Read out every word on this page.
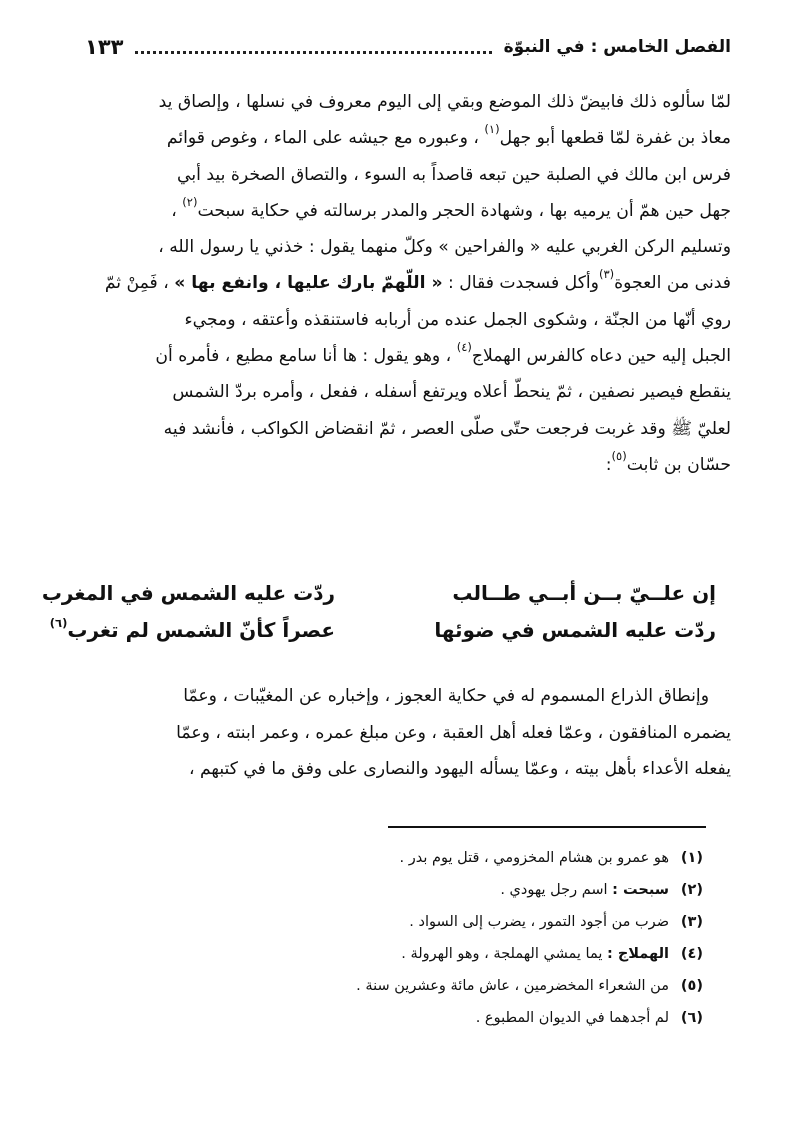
الفصل الخامس : في النبوّة
١٣٣

لمّا سألوه ذلك فابيضّ ذلك الموضع وبقي إلى اليوم معروف في نسلها ، وإلصاق يد

معاذ بن غفرة لمّا قطعها أبو جهل$^{(١)}$ ، وعبوره مع جيشه على الماء ، وغوص قوائم

فرس ابن مالك في الصلبة حين تبعه قاصداً به السوء ، والتصاق الصخرة بيد أبي

جهل حين همّ أن يرميه بها ، وشهادة الحجر والمدر برسالته في حكاية سبحت$^{(٢)}$ ،

وتسليم الركن الغربي عليه « والفراحين » وكلّ منهما يقول : خذني يا رسول الله ،

فدنى من العجوة$^{(٣)}$وأكل فسجدت فقال : « اللّهمّ بارك عليها ، وانفع بها » ، فَمِنْ ثمّ

روي أنّها من الجنّة ، وشكوى الجمل عنده من أربابه فاستنقذه وأعتقه ، ومجيء

الجبل إليه حين دعاه كالفرس الهملاج$^{(٤)}$ ، وهو يقول : ها أنا سامع مطيع ، فأمره أن

ينقطع فيصير نصفين ، ثمّ ينحطّ أعلاه ويرتفع أسفله ، ففعل ، وأمره بردّ الشمس

لعليّ ﷺ وقد غربت فرجعت حتّى صلّى العصر ، ثمّ انقضاض الكواكب ، فأنشد فيه

حسّان بن ثابت$^{(٥)}$:

إن علــيّ بــن أبــي طــالب
ردّت عليه الشمس في المغرب
ردّت عليه الشمس في ضوئها
عصراً كأنّ الشمس لم تغرب$^{(٦)}$

وإنطاق الذراع المسموم له في حكاية العجوز ، وإخباره عن المغيّبات ، وعمّا

يضمره المنافقون ، وعمّا فعله أهل العقبة ، وعن مبلغ عمره ، وعمر ابنته ، وعمّا

يفعله الأعداء بأهل بيته ، وعمّا يسأله اليهود والنصارى على وفق ما في كتبهم ،

(١)
هو عمرو بن هشام المخزومي ، قتل يوم بدر .
(٢)
سبحت : اسم رجل يهودي .
(٣)
ضرب من أجود التمور ، يضرب إلى السواد .
(٤)
الهملاج : يما يمشي الهملجة ، وهو الهرولة .
(٥)
من الشعراء المخضرمين ، عاش مائة وعشرين سنة .
(٦)
لم أجدهما في الديوان المطبوع .
